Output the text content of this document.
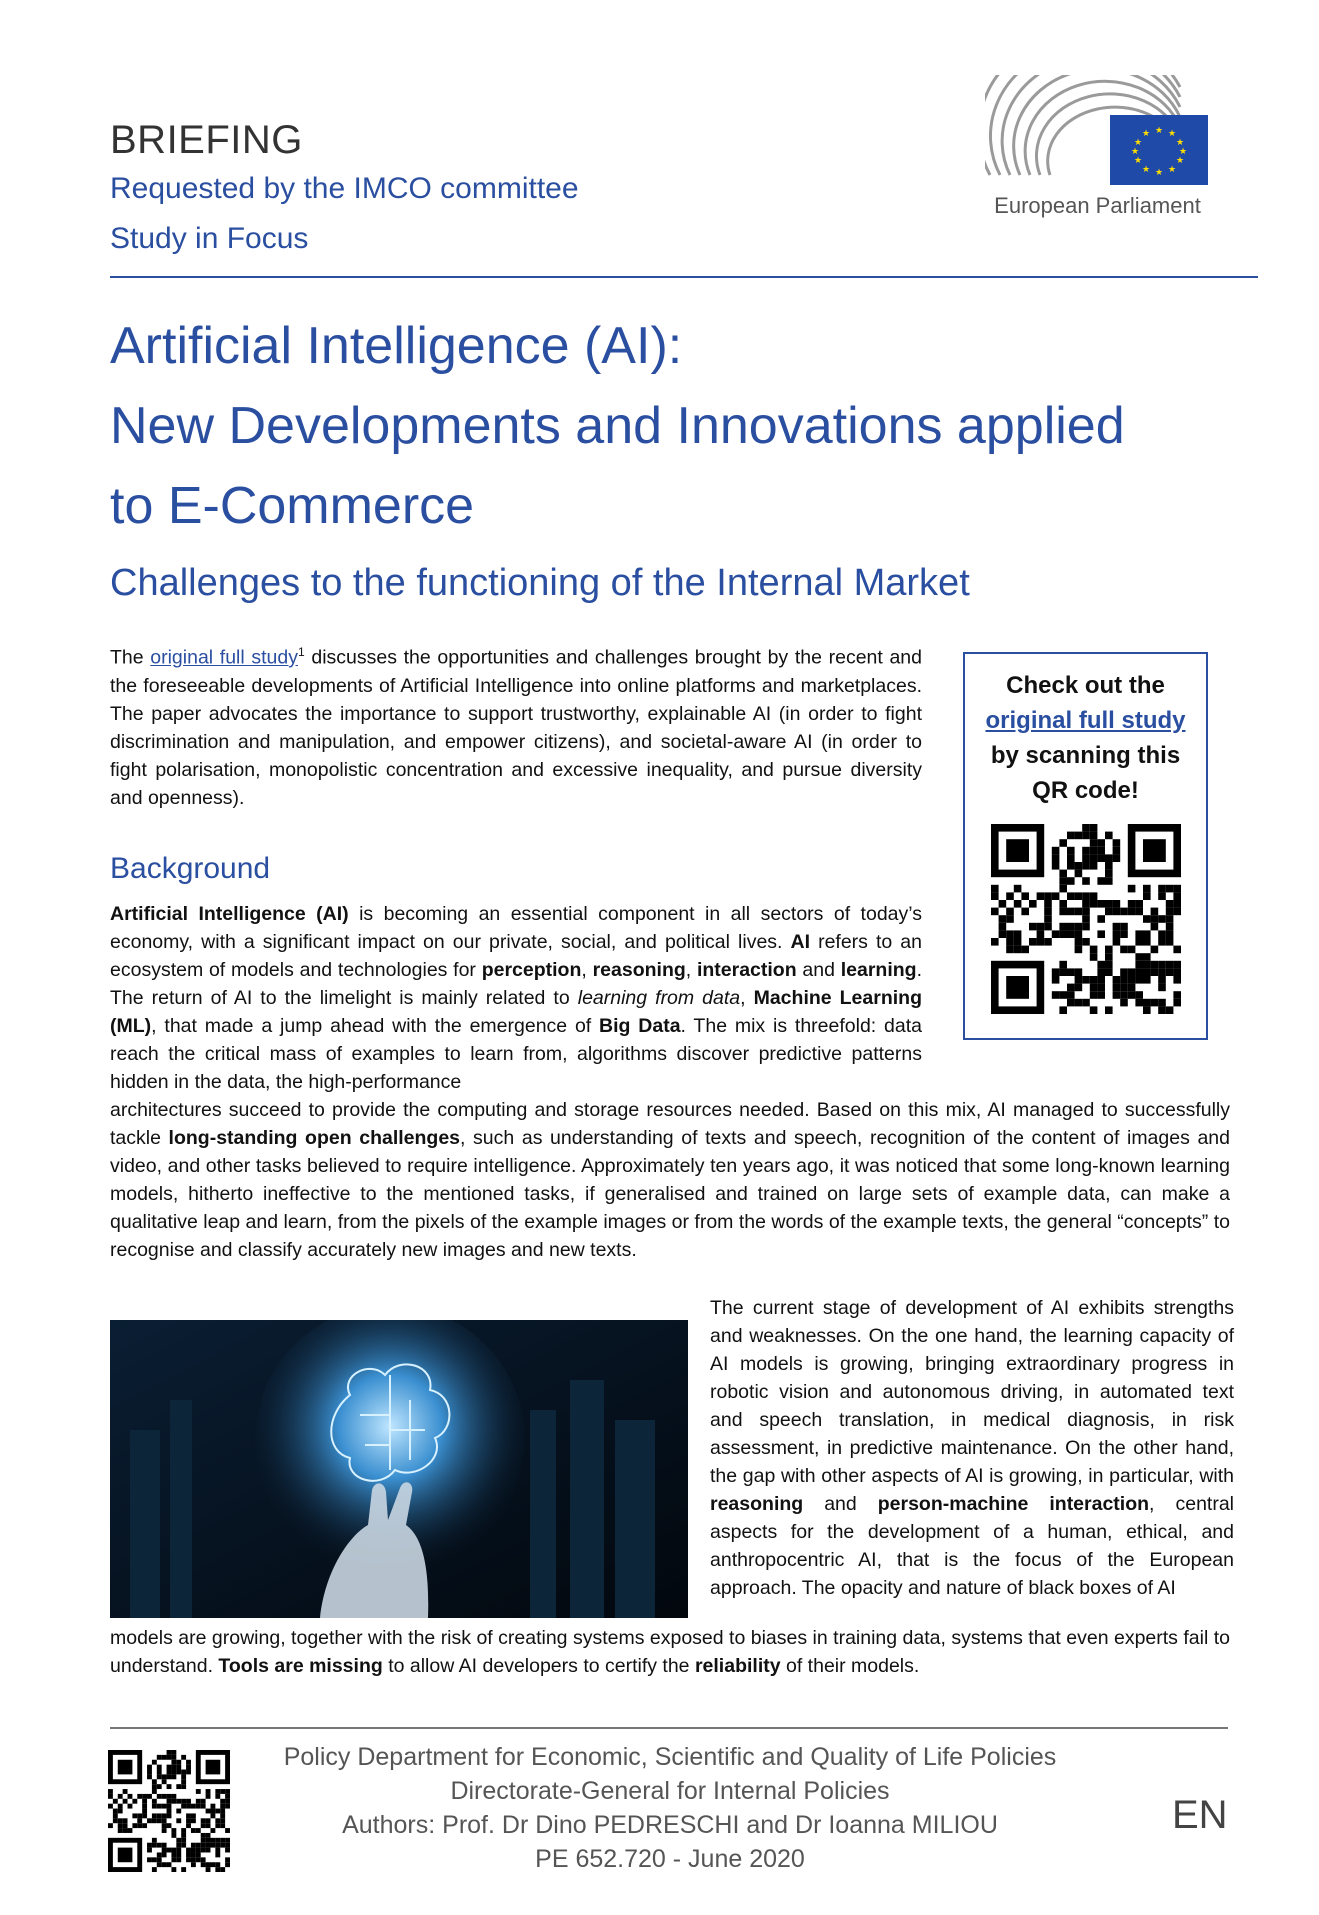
BRIEFING
Requested by the IMCO committee
Study in Focus
★ ★
★
★
★
★
★
★
★
★
★
★
European Parliament
Artificial Intelligence (AI):
New Developments and Innovations applied
to E-Commerce
Challenges to the functioning of the Internal Market
The original full study$^1$ discusses the opportunities and challenges brought by the recent and the foreseeable developments of Artificial Intelligence into online platforms and marketplaces. The paper advocates the importance to support trustworthy, explainable AI (in order to fight discrimination and manipulation, and empower citizens), and societal-aware AI (in order to fight polarisation, monopolistic concentration and excessive inequality, and pursue diversity and openness).
Check out the
original full study
by scanning this
QR code!
Background
Artificial Intelligence (AI) is becoming an essential component in all sectors of today’s economy, with a significant impact on our private, social, and political lives. AI refers to an ecosystem of models and technologies for perception, reasoning, interaction and learning. The return of AI to the limelight is mainly related to learning from data, Machine Learning (ML), that made a jump ahead with the emergence of Big Data. The mix is threefold: data reach the critical mass of examples to learn from, algorithms discover predictive patterns hidden in the data, the high-performance
architectures succeed to provide the computing and storage resources needed. Based on this mix, AI managed to successfully tackle long-standing open challenges, such as understanding of texts and speech, recognition of the content of images and video, and other tasks believed to require intelligence. Approximately ten years ago, it was noticed that some long-known learning models, hitherto ineffective to the mentioned tasks, if generalised and trained on large sets of example data, can make a qualitative leap and learn, from the pixels of the example images or from the words of the example texts, the general “concepts” to recognise and classify accurately new images and new texts.
The current stage of development of AI exhibits strengths and weaknesses. On the one hand, the learning capacity of AI models is growing, bringing extraordinary progress in robotic vision and autonomous driving, in automated text and speech translation, in medical diagnosis, in risk assessment, in predictive maintenance. On the other hand, the gap with other aspects of AI is growing, in particular, with reasoning and person-machine interaction, central aspects for the development of a human, ethical, and anthropocentric AI, that is the focus of the European approach. The opacity and nature of black boxes of AI
models are growing, together with the risk of creating systems exposed to biases in training data, systems that even experts fail to understand. Tools are missing to allow AI developers to certify the reliability of their models.
Policy Department for Economic, Scientific and Quality of Life Policies
Directorate-General for Internal Policies
Authors: Prof. Dr Dino PEDRESCHI and Dr Ioanna MILIOU
PE 652.720 - June 2020
EN
